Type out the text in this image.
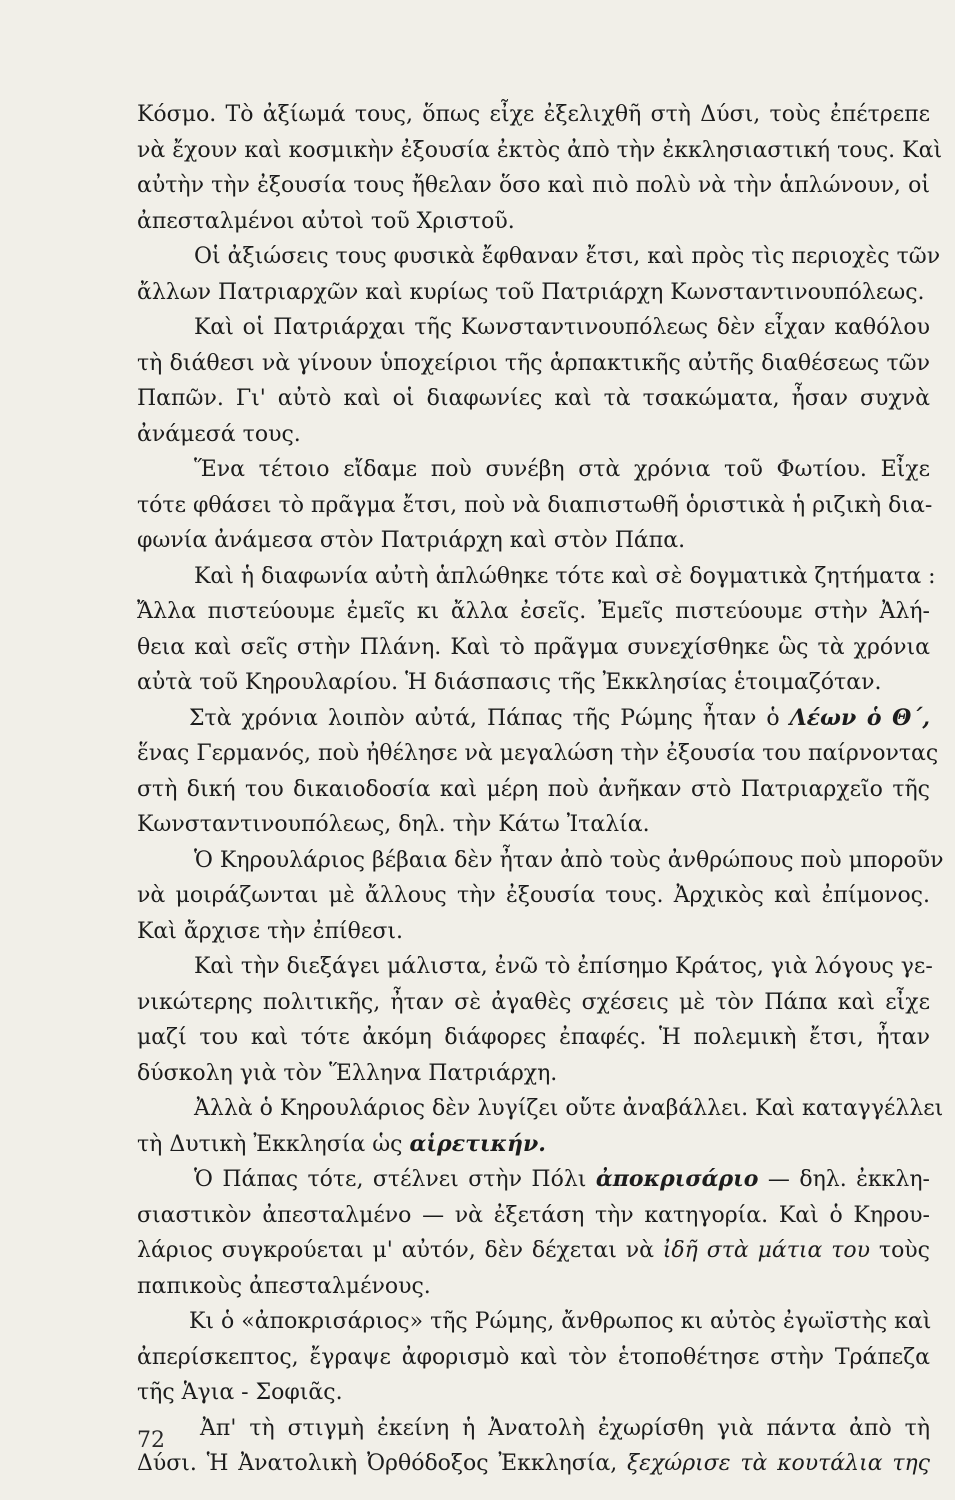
Κόσμο. Τὸ ἀξίωμά τους, ὅπως εἶχε ἐξελιχθῆ στὴ Δύσι, τοὺς ἐπέτρεπε
νὰ ἔχουν καὶ κοσμικὴν ἐξουσία ἐκτὸς ἀπὸ τὴν ἐκκλησιαστική τους. Καὶ
αὐτὴν τὴν ἐξουσία τους ἤθελαν ὅσο καὶ πιὸ πολὺ νὰ τὴν ἁπλώνουν, οἱ
ἀπεσταλμένοι αὐτοὶ τοῦ Χριστοῦ.
Οἱ ἀξιώσεις τους φυσικὰ ἔφθαναν ἔτσι, καὶ πρὸς τὶς περιοχὲς τῶν
ἄλλων Πατριαρχῶν καὶ κυρίως τοῦ Πατριάρχη Κωνσταντινουπόλεως.
Καὶ οἱ Πατριάρχαι τῆς Κωνσταντινουπόλεως δὲν εἶχαν καθόλου
τὴ διάθεσι νὰ γίνουν ὑποχείριοι τῆς ἁρπακτικῆς αὐτῆς διαθέσεως τῶν
Παπῶν. Γι' αὐτὸ καὶ οἱ διαφωνίες καὶ τὰ τσακώματα, ἦσαν συχνὰ
ἀνάμεσά τους.
Ἕνα τέτοιο εἴδαμε ποὺ συνέβη στὰ χρόνια τοῦ Φωτίου. Εἶχε
τότε φθάσει τὸ πρᾶγμα ἔτσι, ποὺ νὰ διαπιστωθῆ ὁριστικὰ ἡ ριζικὴ δια-
φωνία ἀνάμεσα στὸν Πατριάρχη καὶ στὸν Πάπα.
Καὶ ἡ διαφωνία αὐτὴ ἁπλώθηκε τότε καὶ σὲ δογματικὰ ζητήματα :
Ἄλλα πιστεύουμε ἐμεῖς κι ἄλλα ἐσεῖς. Ἐμεῖς πιστεύουμε στὴν Ἀλή-
θεια καὶ σεῖς στὴν Πλάνη. Καὶ τὸ πρᾶγμα συνεχίσθηκε ὣς τὰ χρόνια
αὐτὰ τοῦ Κηρουλαρίου. Ἡ διάσπασις τῆς Ἐκκλησίας ἑτοιμαζόταν.
Στὰ χρόνια λοιπὸν αὐτά, Πάπας τῆς Ρώμης ἦταν ὁ Λέων ὁ Θ΄,
ἕνας Γερμανός, ποὺ ἠθέλησε νὰ μεγαλώση τὴν ἐξουσία του παίρνοντας
στὴ δική του δικαιοδοσία καὶ μέρη ποὺ ἀνῆκαν στὸ Πατριαρχεῖο τῆς
Κωνσταντινουπόλεως, δηλ. τὴν Κάτω Ἰταλία.
Ὁ Κηρουλάριος βέβαια δὲν ἦταν ἀπὸ τοὺς ἀνθρώπους ποὺ μποροῦν
νὰ μοιράζωνται μὲ ἄλλους τὴν ἐξουσία τους. Ἀρχικὸς καὶ ἐπίμονος.
Καὶ ἄρχισε τὴν ἐπίθεσι.
Καὶ τὴν διεξάγει μάλιστα, ἐνῶ τὸ ἐπίσημο Κράτος, γιὰ λόγους γε-
νικώτερης πολιτικῆς, ἦταν σὲ ἀγαθὲς σχέσεις μὲ τὸν Πάπα καὶ εἶχε
μαζί του καὶ τότε ἀκόμη διάφορες ἐπαφές. Ἡ πολεμικὴ ἔτσι, ἦταν
δύσκολη γιὰ τὸν Ἕλληνα Πατριάρχη.
Ἀλλὰ ὁ Κηρουλάριος δὲν λυγίζει οὔτε ἀναβάλλει. Καὶ καταγγέλλει
τὴ Δυτικὴ Ἐκκλησία ὡς αἱρετικήν.
Ὁ Πάπας τότε, στέλνει στὴν Πόλι ἀποκρισάριο — δηλ. ἐκκλη-
σιαστικὸν ἀπεσταλμένο — νὰ ἐξετάση τὴν κατηγορία. Καὶ ὁ Κηρου-
λάριος συγκρούεται μ' αὐτόν, δὲν δέχεται νὰ ἰδῆ στὰ μάτια του τοὺς
παπικοὺς ἀπεσταλμένους.
Κι ὁ «ἀποκρισάριος» τῆς Ρώμης, ἄνθρωπος κι αὐτὸς ἐγωϊστὴς καὶ
ἀπερίσκεπτος, ἔγραψε ἀφορισμὸ καὶ τὸν ἑτοποθέτησε στὴν Τράπεζα
τῆς Ἁγια - Σοφιᾶς.
Ἀπ' τὴ στιγμὴ ἐκείνη ἡ Ἀνατολὴ ἐχωρίσθη γιὰ πάντα ἀπὸ τὴ
Δύσι. Ἡ Ἀνατολικὴ Ὀρθόδοξος Ἐκκλησία, ξεχώρισε τὰ κουτάλια της
72
